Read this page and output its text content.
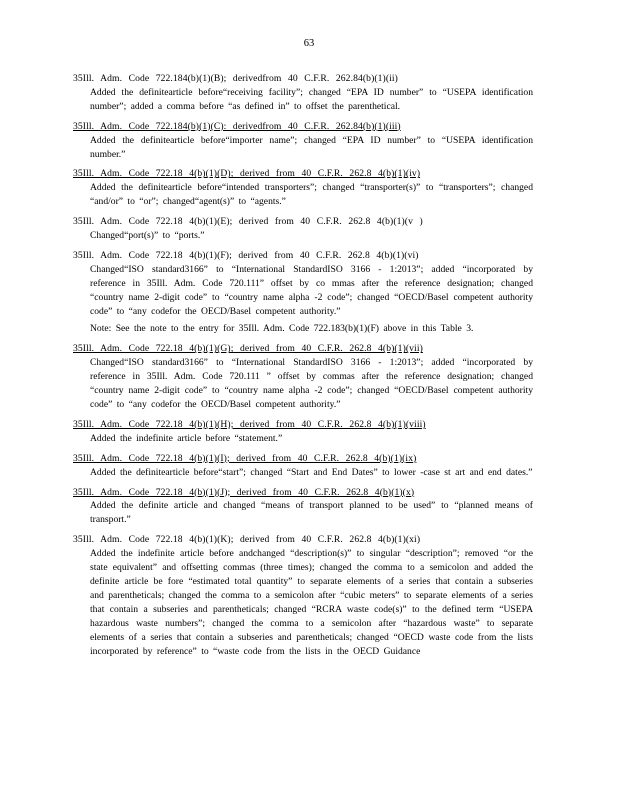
63
35Ill. Adm. Code 722.184(b)(1)(B); derivedfrom 40 C.F.R. 262.84(b)(1)(ii)
Added the definitearticle before“receiving facility”; changed “EPA ID number” to “USEPA identification number”; added a comma before “as defined in” to offset the parenthetical.
35Ill. Adm. Code 722.184(b)(1)(C): derivedfrom 40 C.F.R. 262.84(b)(1)(iii)
Added the definitearticle before“importer name”; changed “EPA ID number” to “USEPA identification number.”
35Ill. Adm. Code 722.18 4(b)(1)(D); derived from 40 C.F.R. 262.8 4(b)(1)(iv)
Added the definitearticle before“intended transporters”; changed “transporter(s)” to “transporters”; changed “and/or” to “or”; changed“agent(s)” to “agents.”
35Ill. Adm. Code 722.18 4(b)(1)(E); derived from 40 C.F.R. 262.8 4(b)(1)(v )
Changed“port(s)” to “ports.”
35Ill. Adm. Code 722.18 4(b)(1)(F); derived from 40 C.F.R. 262.8 4(b)(1)(vi)
Changed“ISO standard3166” to “International StandardISO 3166 - 1:2013”; added “incorporated by reference in 35Ill. Adm. Code 720.111” offset by co mmas after the reference designation; changed “country name 2-digit code” to “country name alpha -2 code”; changed “OECD/Basel competent authority code” to “any codefor the OECD/Basel competent authority.”
Note: See the note to the entry for 35Ill. Adm. Code 722.183(b)(1)(F) above in this Table 3.
35Ill. Adm. Code 722.18 4(b)(1)(G); derived from 40 C.F.R. 262.8 4(b)(1)(vii)
Changed“ISO standard3166” to “International StandardISO 3166 - 1:2013”; added “incorporated by reference in 35Ill. Adm. Code 720.111 ” offset by commas after the reference designation; changed “country name 2-digit code” to “country name alpha -2 code”; changed “OECD/Basel competent authority code” to “any codefor the OECD/Basel competent authority.”
35Ill. Adm. Code 722.18 4(b)(1)(H); derived from 40 C.F.R. 262.8 4(b)(1)(viii)
Added the indefinite article before “statement.”
35Ill. Adm. Code 722.18 4(b)(1)(I); derived from 40 C.F.R. 262.8 4(b)(1)(ix)
Added the definitearticle before“start”; changed “Start and End Dates” to lower -case st art and end dates.”
35Ill. Adm. Code 722.18 4(b)(1)(J); derived from 40 C.F.R. 262.8 4(b)(1)(x)
Added the definite article and changed “means of transport planned to be used” to “planned means of transport.”
35Ill. Adm. Code 722.18 4(b)(1)(K); derived from 40 C.F.R. 262.8 4(b)(1)(xi)
Added the indefinite article before andchanged “description(s)” to singular “description”; removed “or the state equivalent” and offsetting commas (three times); changed the comma to a semicolon and added the definite article be fore “estimated total quantity” to separate elements of a series that contain a subseries and parentheticals; changed the comma to a semicolon after “cubic meters” to separate elements of a series that contain a subseries and parentheticals; changed “RCRA waste code(s)” to the defined term “USEPA hazardous waste numbers”; changed the comma to a semicolon after “hazardous waste” to separate elements of a series that contain a subseries and parentheticals; changed “OECD waste code from the lists incorporated by reference” to “waste code from the lists in the OECD Guidance
